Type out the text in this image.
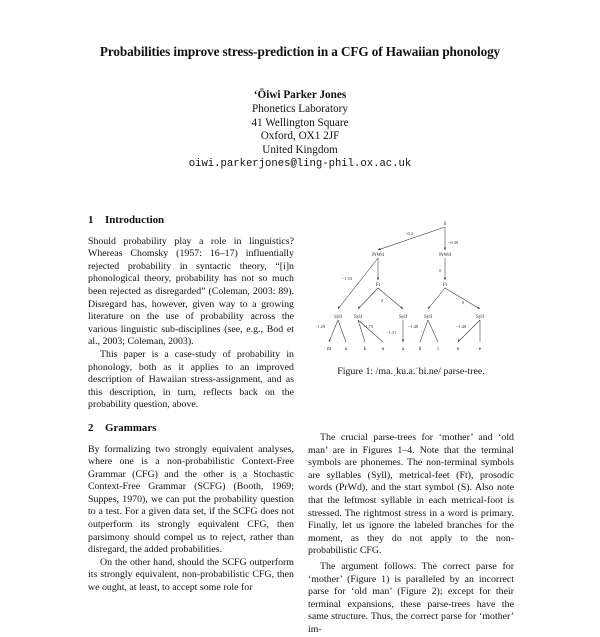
Probabilities improve stress-prediction in a CFG of Hawaiian phonology
ʻŌiwi Parker Jones
Phonetics Laboratory
41 Wellington Square
Oxford, OX1 2JF
United Kingdom
oiwi.parkerjones@ling-phil.ox.ac.uk
1 Introduction

Should probability play a role in linguistics? Whereas Chomsky (1957: 16–17) influentially rejected probability in syntactic theory, “[i]n phonological theory, probability has not so much been rejected as disregarded” (Coleman, 2003: 89). Disregard has, however, given way to a growing literature on the use of probability across the various linguistic sub-disciplines (see, e.g., Bod et al., 2003; Coleman, 2003).

This paper is a case-study of probability in phonology, both as it applies to an improved description of Hawaiian stress-assignment, and as this description, in turn, reflects back on the probability question, above.

2 Grammars

By formalizing two strongly equivalent analyses, where one is a non-probabilistic Context-Free Grammar (CFG) and the other is a Stochastic Context-Free Grammar (SCFG) (Booth, 1969; Suppes, 1970), we can put the probability question to a test. For a given data set, if the SCFG does not outperform its strongly equivalent CFG, then parsimony should compel us to reject, rather than disregard, the added probabilities.

On the other hand, should the SCFG outperform its strongly equivalent, non-probabilistic CFG, then we ought, at least, to accept some role for

S
PrWd	PrWd
Ft	Ft
Syll Syll	Syll	Syll	Syll
−0.2
−0.38
−1.53
0
0
0
−1.29	−1.75
−1.31
−1.48	−1.48
m a	k	u	a	h	i	n	e
Figure 1: /ma.ˌku.a.ˈhi.ne/ parse-tree.

The crucial parse-trees for ‘mother’ and ‘old man’ are in Figures 1–4. Note that the terminal symbols are phonemes. The non-terminal symbols are syllables (Syll), metrical-feet (Ft), prosodic words (PrWd), and the start symbol (S). Also note that the leftmost syllable in each metrical-foot is stressed. The rightmost stress in a word is primary. Finally, let us ignore the labeled branches for the moment, as they do not apply to the non-probabilistic CFG.

The argument follows. The correct parse for ‘mother’ (Figure 1) is paralleled by an incorrect parse for ‘old man’ (Figure 2); except for their terminal expansions, these parse-trees have the same structure. Thus, the correct parse for ‘mother’ im-
